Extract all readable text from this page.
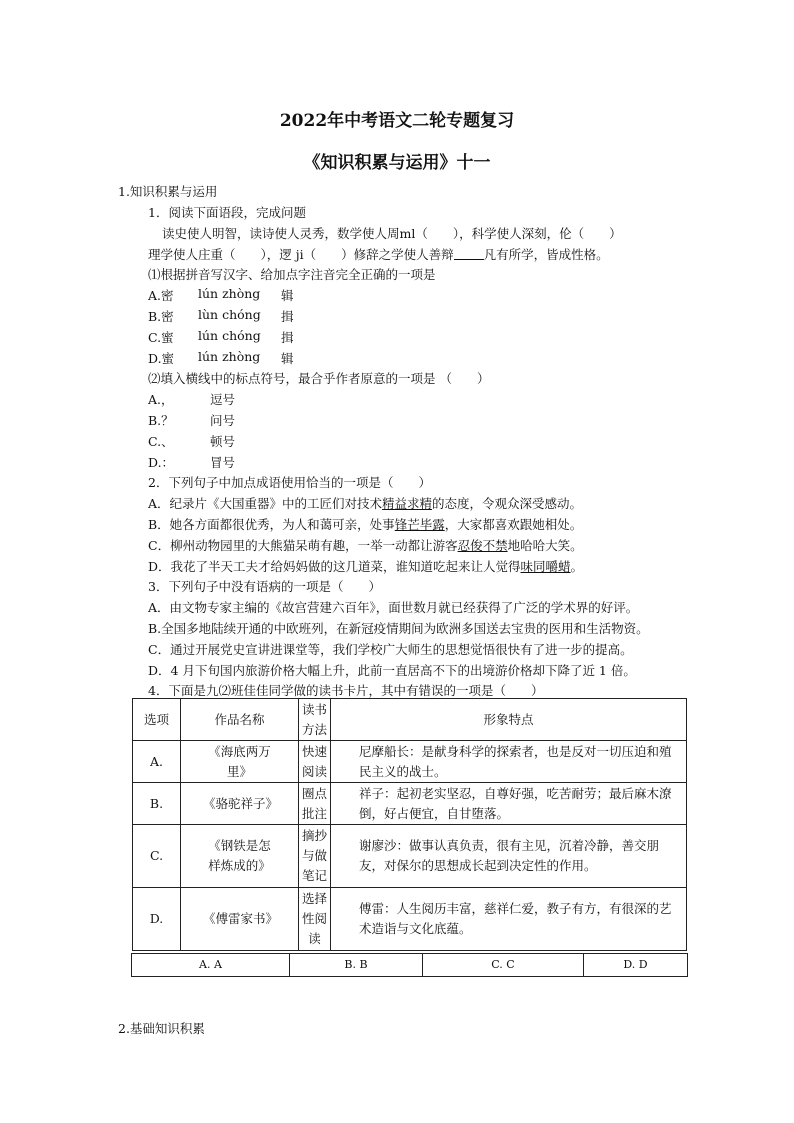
2022年中考语文二轮专题复习
《知识积累与运用》十一
1.知识积累与运用
1．阅读下面语段，完成问题
读史使人明智，读诗使人灵秀，数学使人周ml（　　），科学使人深刻，伦（　　）
理学使人庄重（　　），逻 ji（　　）修辞之学使人善辩 凡有所学，皆成性格。
⑴根据拼音写汉字、给加点字注音完全正确的一项是
A.密 lún zhòng 辑
B.密 lùn chóng 揖
C.蜜 lún chóng 揖
D.蜜 lún zhòng 辑
⑵填入横线中的标点符号，最合乎作者原意的一项是 （　　）
A.，	逗号
B.？	问号
C.、	顿号
D.：	冒号
2．下列句子中加点成语使用恰当的一项是（　　）
A．纪录片《大国重器》中的工匠们对技术精益求精的态度，令观众深受感动。
B．她各方面都很优秀，为人和蔼可亲，处事锋芒毕露，大家都喜欢跟她相处。
C．柳州动物园里的大熊猫呆萌有趣，一举一动都让游客忍俊不禁地哈哈大笑。
D．我花了半天工夫才给妈妈做的这几道菜，谁知道吃起来让人觉得味同嚼蜡。
3．下列句子中没有语病的一项是（　　）
A．由文物专家主编的《故宫营建六百年》，面世数月就已经获得了广泛的学术界的好评。
B.全国多地陆续开通的中欧班列，在新冠疫情期间为欧洲多国送去宝贵的医用和生活物资。
C．通过开展党史宣讲进课堂等，我们学校广大师生的思想觉悟很快有了进一步的提高。
D．4 月下旬国内旅游价格大幅上升，此前一直居高不下的出境游价格却下降了近 1 倍。
4．下面是九⑵班佳佳同学做的读书卡片，其中有错误的一项是（　　）
选项	作品名称	读书方法	形象特点
A.	《海底两万里》	快速阅读	尼摩船长：是献身科学的探索者，也是反对一切压迫和殖民主义的战士。
B.	《骆驼祥子》	圈点批注	祥子：起初老实坚忍，自尊好强，吃苦耐劳；最后麻木潦倒，好占便宜，自甘堕落。
C.	《钢铁是怎样炼成的》	摘抄与做笔记	谢廖沙：做事认真负责，很有主见，沉着冷静，善交朋友，对保尔的思想成长起到决定性的作用。
D.	《傅雷家书》	选择性阅读	傅雷：人生阅历丰富，慈祥仁爱，教子有方，有很深的艺术造诣与文化底蕴。
A. A	B. B	C. C	D. D
2.基础知识积累
